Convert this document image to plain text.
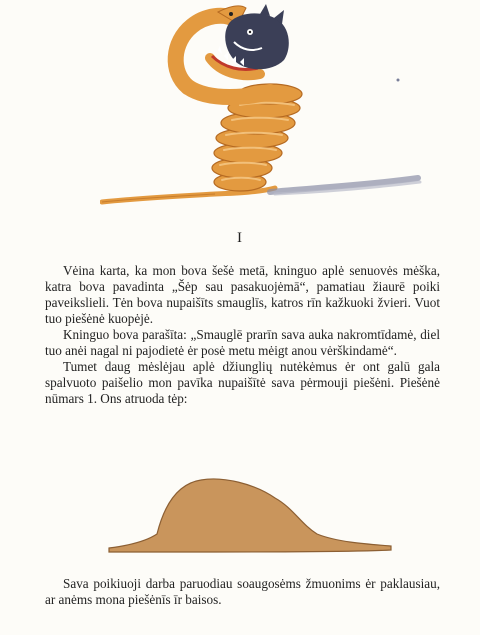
I

Vėina karta, ka mon bova šešė metā, kninguo aplė senuovės mėška, katra bova pavadinta „Šėp sau pasakuojėmā“, pamatiau žiaurē poiki paveikslieli. Tėn bova nupaišīts smauglīs, katros rīn kažkuoki žvieri. Vuot tuo piešėnė kuopėjė.

Kninguo bova parašīta: „Smauglē prarīn sava auka nakromtīdamė, diel tuo anėi nagal ni pajodietė ėr posė metu mėigt anou vėrškindamė“.

Tumet daug mėslėjau aplė džiunglių nutėkėmus ėr ont galū gala spalvuoto paišelio mon pavīka nupaišītė sava pėrmouji piešėni. Piešėnė nūmars 1. Ons atruoda tėp:

Sava poikiuoji darba paruodiau soaugosėms žmuonims ėr paklausiau, ar anėms mona piešėnīs īr baisos.
